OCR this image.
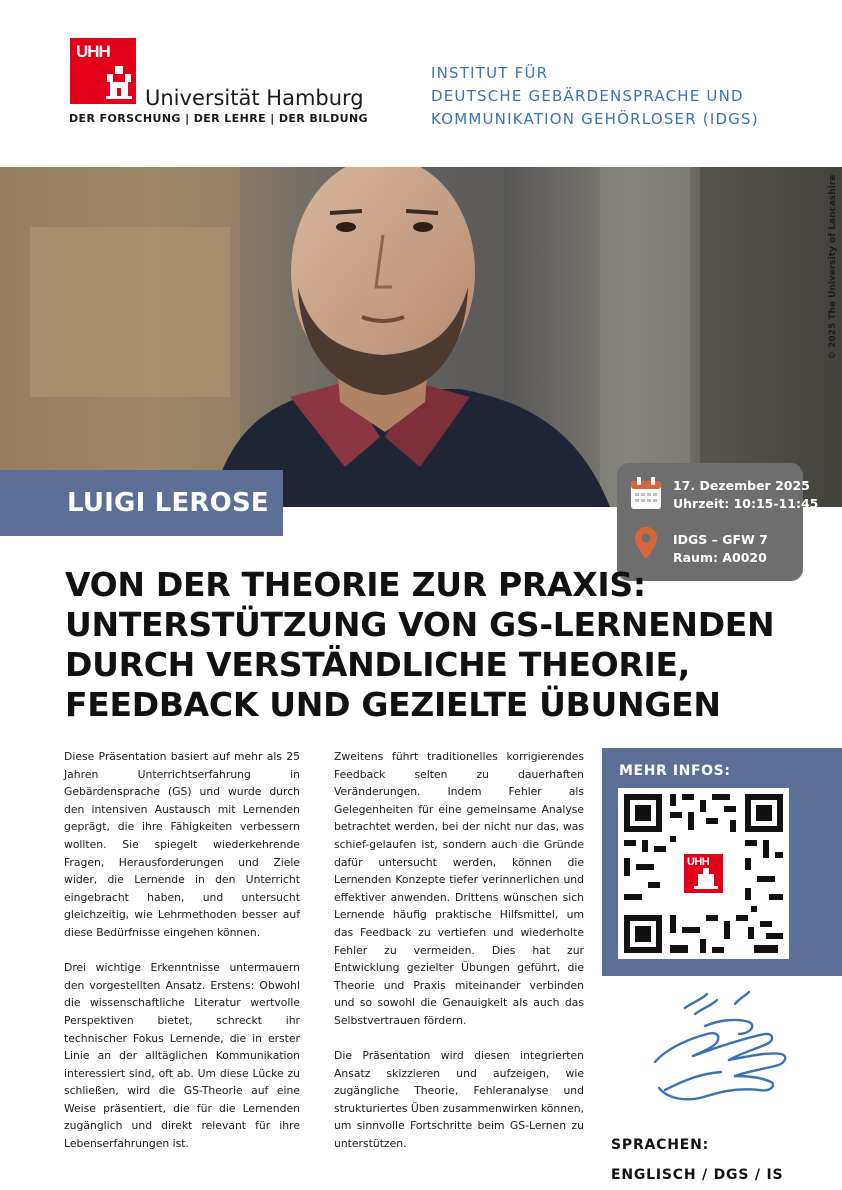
UHH
Universität Hamburg
DER FORSCHUNG | DER LEHRE | DER BILDUNG
INSTITUT FÜR
DEUTSCHE GEBÄRDENSPRACHE UND
KOMMUNIKATION GEHÖRLOSER (IDGS)
© 2025 The University of Lancashire
LUIGI LEROSE
17. Dezember 2025
Uhrzeit: 10:15-11:45
IDGS – GFW 7
Raum: A0020
VON DER THEORIE ZUR PRAXIS:
UNTERSTÜTZUNG VON GS-LERNENDEN
DURCH VERSTÄNDLICHE THEORIE,
FEEDBACK UND GEZIELTE ÜBUNGEN

Diese Präsentation basiert auf mehr als 25 Jahren Unterrichtserfahrung in Gebärdensprache (GS) und wurde durch den intensiven Austausch mit Lernenden geprägt, die ihre Fähigkeiten verbessern wollten. Sie spiegelt wiederkehrende Fragen, Herausforderungen und Ziele wider, die Lernende in den Unterricht eingebracht haben, und untersucht gleichzeitig, wie Lehrmethoden besser auf diese Bedürfnisse eingehen können.

Drei wichtige Erkenntnisse untermauern den vorgestellten Ansatz. Erstens: Obwohl die wissenschaftliche Literatur wertvolle Perspektiven bietet, schreckt ihr technischer Fokus Lernende, die in erster Linie an der alltäglichen Kommunikation interessiert sind, oft ab. Um diese Lücke zu schließen, wird die GS-Theorie auf eine Weise präsentiert, die für die Lernenden zugänglich und direkt relevant für ihre Lebenserfahrungen ist.

Zweitens führt traditionelles korrigierendes Feedback selten zu dauerhaften Veränderungen. Indem Fehler als Gelegenheiten für eine gemeinsame Analyse betrachtet werden, bei der nicht nur das, was schief-gelaufen ist, sondern auch die Gründe dafür untersucht werden, können die Lernenden Konzepte tiefer verinnerlichen und effektiver anwenden. Drittens wünschen sich Lernende häufig praktische Hilfsmittel, um das Feedback zu vertiefen und wiederholte Fehler zu vermeiden. Dies hat zur Entwicklung gezielter Übungen geführt, die Theorie und Praxis miteinander verbinden und so sowohl die Genauigkeit als auch das Selbstvertrauen fördern.

Die Präsentation wird diesen integrierten Ansatz skizzieren und aufzeigen, wie zugängliche Theorie, Fehleranalyse und strukturiertes Üben zusammenwirken können, um sinnvolle Fortschritte beim GS-Lernen zu unterstützen.

MEHR INFOS:
UHH
SPRACHEN:
ENGLISCH / DGS / IS
